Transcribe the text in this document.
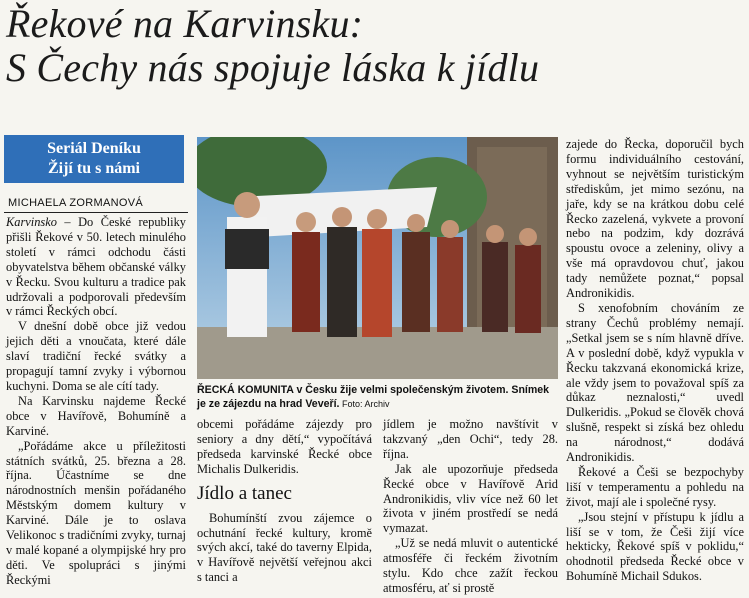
Řekové na Karvinsku:
S Čechy nás spojuje láska k jídlu
Seriál Deníku
Žijí tu s námi
MICHAELA ZORMANOVÁ

Karvinsko – Do České republiky přišli Řekové v 50. letech minulého století v rámci odchodu části obyvatelstva během občanské války v Řecku. Svou kulturu a tradice pak udržovali a podporovali především v rámci Řeckých obcí.

V dnešní době obce již vedou jejich děti a vnoučata, které dále slaví tradiční řecké svátky a propagují tamní zvyky i výbornou kuchyni. Doma se ale cítí tady.

Na Karvinsku najdeme Řecké obce v Havířově, Bohumíně a Karviné.

„Pořádáme akce u příležitosti státních svátků, 25. března a 28. října. Účastníme se dne národnostních menšin pořádaného Městským domem kultury v Karviné. Dále je to oslava Velikonoc s tradičními zvyky, turnaj v malé kopané a olympijské hry pro děti. Ve spolupráci s jinými Řeckými

ŘECKÁ KOMUNITA v Česku žije velmi společenským životem. Snímek je ze zájezdu na hrad Veveří. Foto: Archiv

obcemi pořádáme zájezdy pro seniory a dny dětí,“ vypočítává předseda karvinské Řecké obce Michalis Dulkeridis.

Jídlo a tanec

Bohumínští zvou zájemce o ochutnání řecké kultury, kromě svých akcí, také do taverny Elpida, v Havířově největší veřejnou akci s tanci a

jídlem je možno navštívit v takzvaný „den Ochi“, tedy 28. října.

Jak ale upozorňuje předseda Řecké obce v Havířově Arid Andronikidis, vliv více než 60 let života v jiném prostředí se nedá vymazat.

„Už se nedá mluvit o autentické atmosféře či řeckém životním stylu. Kdo chce zažít řeckou atmosféru, ať si prostě

zajede do Řecka, doporučil bych formu individuálního cestování, vyhnout se největším turistickým střediskům, jet mimo sezónu, na jaře, kdy se na krátkou dobu celé Řecko zazelená, vykvete a provoní nebo na podzim, kdy dozrává spoustu ovoce a zeleniny, olivy a vše má opravdovou chuť, jakou tady nemůžete poznat,“ popsal Andronikidis.

S xenofobním chováním ze strany Čechů problémy nemají. „Setkal jsem se s ním hlavně dříve. A v poslední době, když vypukla v Řecku takzvaná ekonomická krize, ale vždy jsem to považoval spíš za důkaz neznalosti,“ uvedl Dulkeridis. „Pokud se člověk chová slušně, respekt si získá bez ohledu na národnost,“ dodává Andronikidis.

Řekové a Češi se bezpochyby liší v temperamentu a pohledu na život, mají ale i společné rysy.

„Jsou stejní v přístupu k jídlu a liší se v tom, že Češi žijí více hekticky, Řekové spíš v poklidu,“ ohodnotil předseda Řecké obce v Bohumíně Michail Sdukos.
